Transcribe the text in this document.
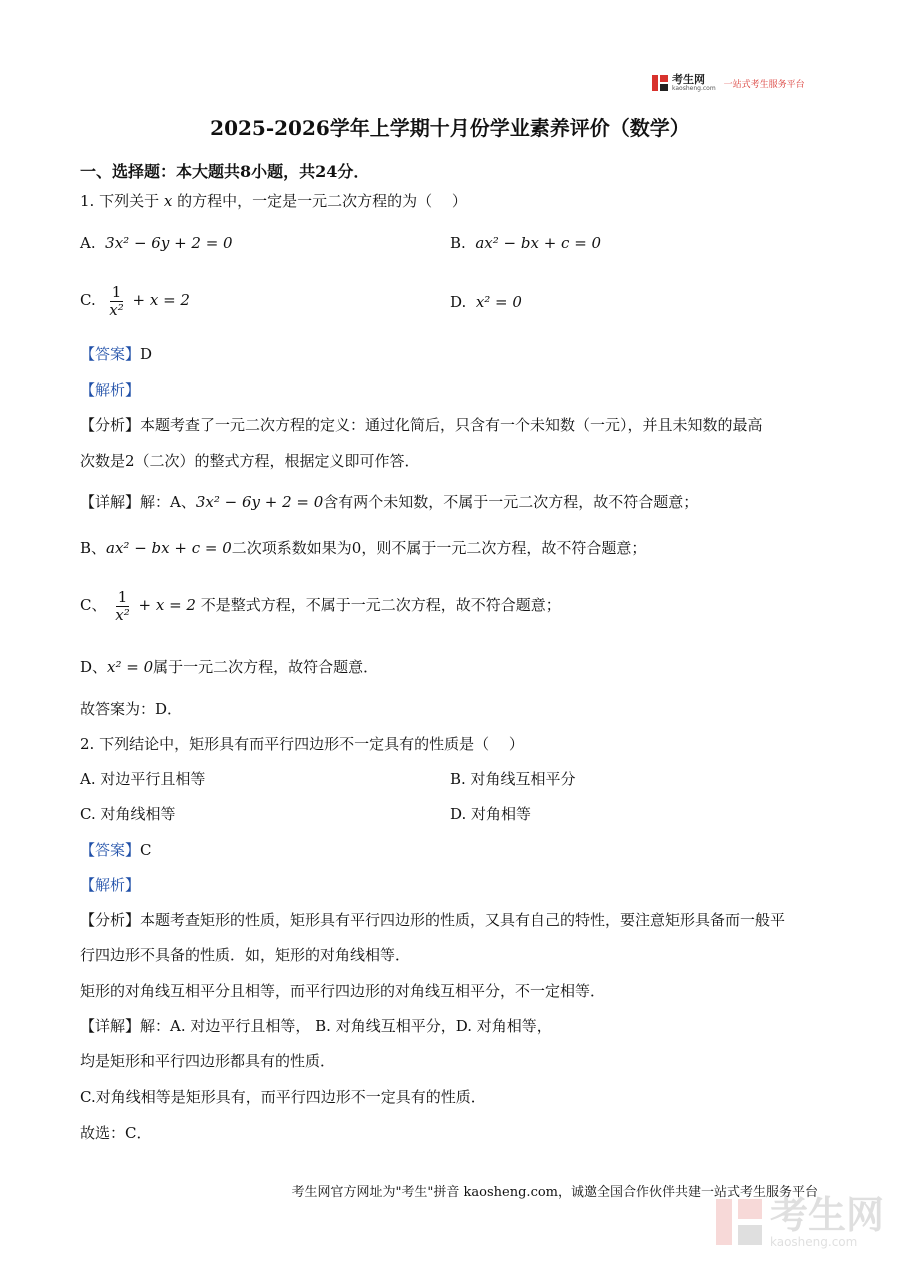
考生网
kaosheng.com 一站式考生服务平台
2025-2026学年上学期十月份学业素养评价（数学）
一、选择题：本大题共8小题，共24分．
1. 下列关于 x 的方程中，一定是一元二次方程的为（　 ）
A. 3x² − 6y + 2 = 0	B. ax² − bx + c = 0
C. $\frac{1}{\text{x²}} + x = 2$	D. x² = 0
【答案】D
【解析】
【分析】本题考查了一元二次方程的定义：通过化简后，只含有一个未知数（一元），并且未知数的最高
次数是2（二次）的整式方程，根据定义即可作答．
【详解】解：A、3x² − 6y + 2 = 0含有两个未知数，不属于一元二次方程，故不符合题意；
B、ax² − bx + c = 0二次项系数如果为0，则不属于一元二次方程，故不符合题意；
C、 $\frac{1}{\text{x²}} + x = 2$ 不是整式方程，不属于一元二次方程，故不符合题意；
D、x² = 0属于一元二次方程，故符合题意．
故答案为：D．
2. 下列结论中，矩形具有而平行四边形不一定具有的性质是（　 ）
A. 对边平行且相等	B. 对角线互相平分
C. 对角线相等	D. 对角相等
【答案】C
【解析】
【分析】本题考查矩形的性质，矩形具有平行四边形的性质，又具有自己的特性，要注意矩形具备而一般平
行四边形不具备的性质．如，矩形的对角线相等．
矩形的对角线互相平分且相等，而平行四边形的对角线互相平分，不一定相等．
【详解】解：A. 对边平行且相等， B. 对角线互相平分，D. 对角相等，
均是矩形和平行四边形都具有的性质．
C.对角线相等是矩形具有，而平行四边形不一定具有的性质．
故选：C．
考生网官方网址为"考生"拼音 kaosheng.com，诚邀全国合作伙伴共建一站式考生服务平台
考生网
kaosheng.com
